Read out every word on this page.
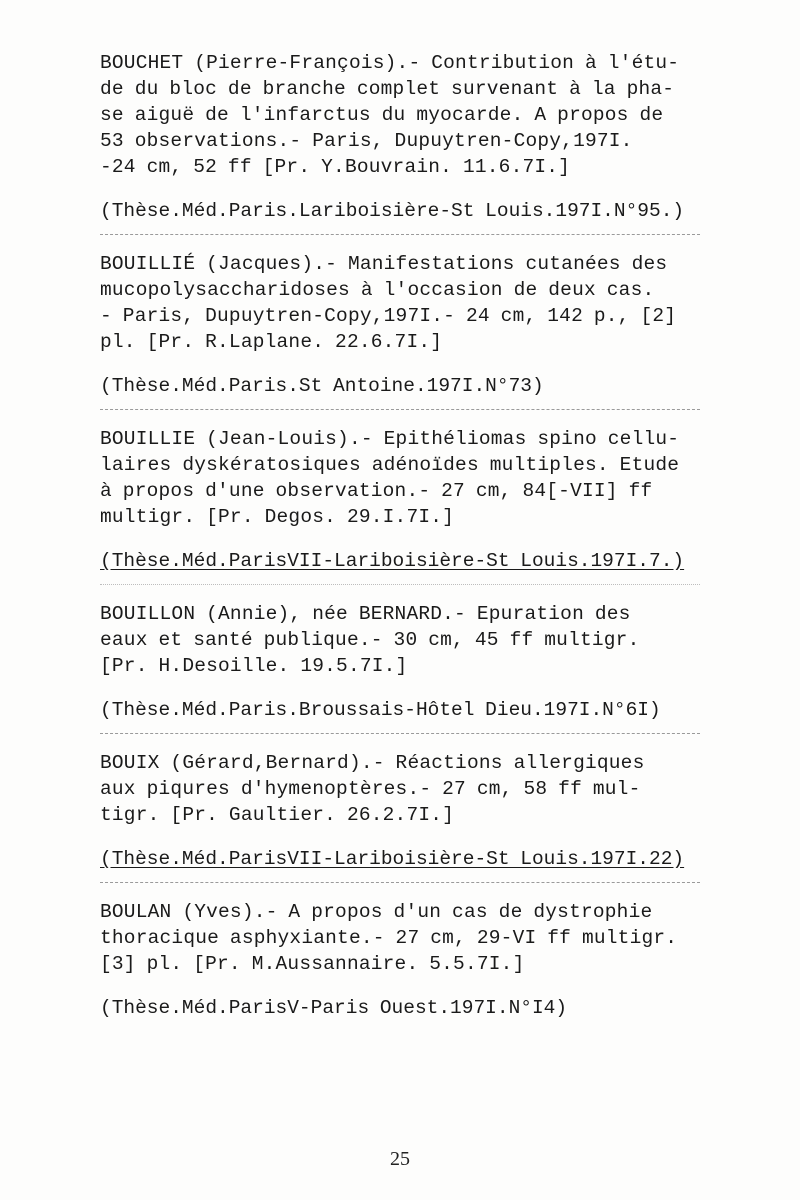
BOUCHET (Pierre-François).- Contribution à l'étu-
de du bloc de branche complet survenant à la pha-
se aiguë de l'infarctus du myocarde. A propos de
53 observations.- Paris, Dupuytren-Copy,197I.
-24 cm, 52 ff [Pr. Y.Bouvrain. 11.6.7I.]
(Thèse.Méd.Paris.Lariboisière-St Louis.197I.N°95.)
BOUILLIÉ (Jacques).- Manifestations cutanées des
mucopolysaccharidoses à l'occasion de deux cas.
- Paris, Dupuytren-Copy,197I.- 24 cm, 142 p., [2]
pl. [Pr. R.Laplane. 22.6.7I.]
(Thèse.Méd.Paris.St Antoine.197I.N°73)
BOUILLIE (Jean-Louis).- Epithéliomas spino cellu-
laires dyskératosiques adénoïdes multiples. Etude
à propos d'une observation.- 27 cm, 84[-VII] ff
multigr. [Pr. Degos. 29.I.7I.]
(Thèse.Méd.ParisVII-Lariboisière-St Louis.197I.7.)
BOUILLON (Annie), née BERNARD.- Epuration des
eaux et santé publique.- 30 cm, 45 ff multigr.
[Pr. H.Desoille. 19.5.7I.]
(Thèse.Méd.Paris.Broussais-Hôtel Dieu.197I.N°6I)
BOUIX (Gérard,Bernard).- Réactions allergiques
aux piqures d'hymenoptères.- 27 cm, 58 ff mul-
tigr. [Pr. Gaultier. 26.2.7I.]
(Thèse.Méd.ParisVII-Lariboisière-St Louis.197I.22)
BOULAN (Yves).- A propos d'un cas de dystrophie
thoracique asphyxiante.- 27 cm, 29-VI ff multigr.
[3] pl. [Pr. M.Aussannaire. 5.5.7I.]
(Thèse.Méd.ParisV-Paris Ouest.197I.N°I4)
25
